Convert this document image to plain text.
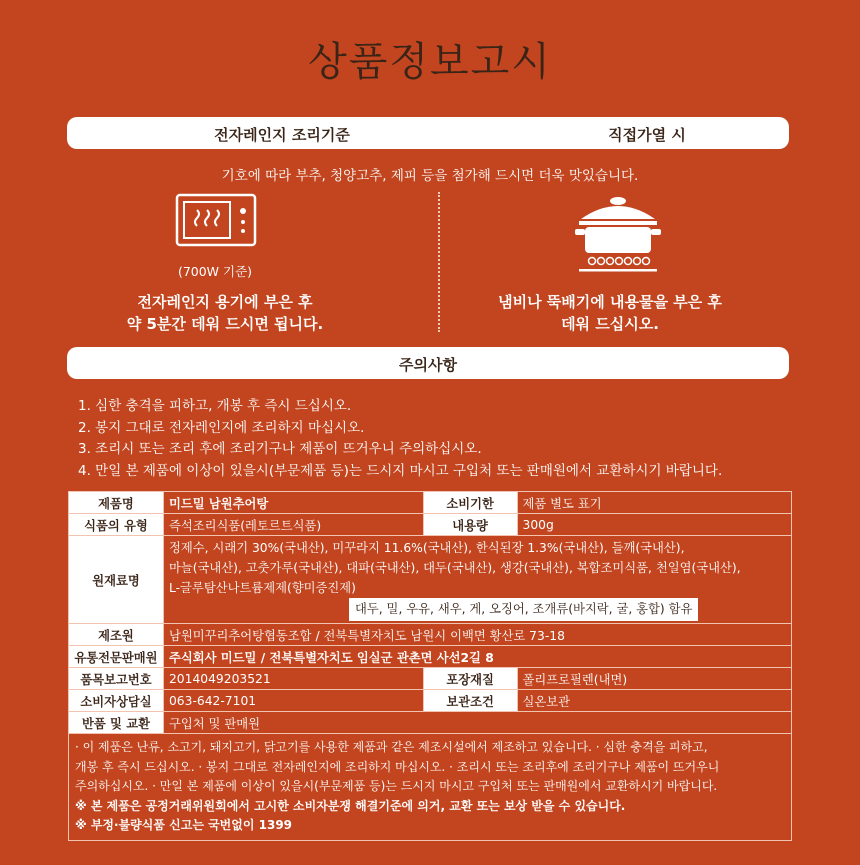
상품정보고시
전자레인지 조리기준	직접가열 시
기호에 따라 부추, 청양고추, 제피 등을 첨가해 드시면 더욱 맛있습니다.
(700W 기준)
전자레인지 용기에 부은 후
약 5분간 데워 드시면 됩니다.
냄비나 뚝배기에 내용물을 부은 후
데워 드십시오.
주의사항
1. 심한 충격을 피하고, 개봉 후 즉시 드십시오.
2. 봉지 그대로 전자레인지에 조리하지 마십시오.
3. 조리시 또는 조리 후에 조리기구나 제품이 뜨거우니 주의하십시오.
4. 만일 본 제품에 이상이 있을시(부문제품 등)는 드시지 마시고 구입처 또는 판매원에서 교환하시기 바랍니다.
제품명	미드밀 남원추어탕	소비기한	제품 별도 표기
식품의 유형	즉석조리식품(레토르트식품)	내용량	300g
원재료명	정제수, 시래기 30%(국내산), 미꾸라지 11.6%(국내산), 한식된장 1.3%(국내산), 들깨(국내산),
마늘(국내산), 고춧가루(국내산), 대파(국내산), 대두(국내산), 생강(국내산), 복합조미식품, 천일염(국내산),
L-글루탐산나트륨제제(향미증진제)
대두, 밀, 우유, 새우, 게, 오징어, 조개류(바지락, 굴, 홍합) 함유		

제조원	남원미꾸리추어탕협동조합 / 전북특별자치도 남원시 이백면 황산로 73-18		
유통전문판매원	주식회사 미드밀 / 전북특별자치도 임실군 관촌면 사선2길 8		
품목보고번호	2014049203521	포장재질	폴리프로필렌(내면)
소비자상담실	063-642-7101	보관조건	실온보관
반품 및 교환	구입처 및 판매원		

· 이 제품은 난류, 소고기, 돼지고기, 닭고기를 사용한 제품과 같은 제조시설에서 제조하고 있습니다. · 심한 충격을 피하고,
개봉 후 즉시 드십시오. · 봉지 그대로 전자레인지에 조리하지 마십시오. · 조리시 또는 조리후에 조리기구나 제품이 뜨거우니
주의하십시오. · 만일 본 제품에 이상이 있을시(부문제품 등)는 드시지 마시고 구입처 또는 판매원에서 교환하시기 바랍니다.
※ 본 제품은 공정거래위원회에서 고시한 소비자분쟁 해결기준에 의거, 교환 또는 보상 받을 수 있습니다.
※ 부정·불량식품 신고는 국번없이 1399			
